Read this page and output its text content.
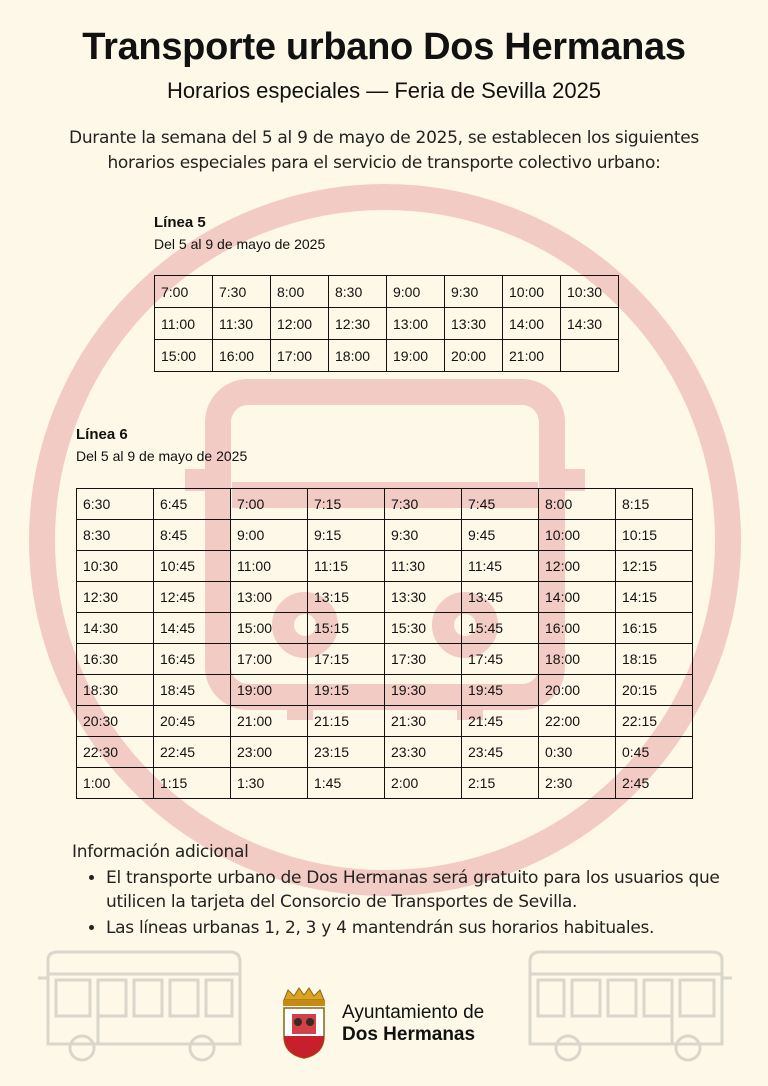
Transporte urbano Dos Hermanas
Horarios especiales — Feria de Sevilla 2025
Durante la semana del 5 al 9 de mayo de 2025, se establecen los siguientes horarios especiales para el servicio de transporte colectivo urbano:
Línea 5
Del 5 al 9 de mayo de 2025
7:00	7:30	8:00	8:30	9:00	9:30	10:00	10:30
11:00	11:30	12:00	12:30	13:00	13:30	14:00	14:30
15:00	16:00	17:00	18:00	19:00	20:00	21:00	
Línea 6
Del 5 al 9 de mayo de 2025
6:30	6:45	7:00	7:15	7:30	7:45	8:00	8:15
8:30	8:45	9:00	9:15	9:30	9:45	10:00	10:15
10:30	10:45	11:00	11:15	11:30	11:45	12:00	12:15
12:30	12:45	13:00	13:15	13:30	13:45	14:00	14:15
14:30	14:45	15:00	15:15	15:30	15:45	16:00	16:15
16:30	16:45	17:00	17:15	17:30	17:45	18:00	18:15
18:30	18:45	19:00	19:15	19:30	19:45	20:00	20:15
20:30	20:45	21:00	21:15	21:30	21:45	22:00	22:15
22:30	22:45	23:00	23:15	23:30	23:45	0:30	0:45
1:00	1:15	1:30	1:45	2:00	2:15	2:30	2:45
Información adicional
• El transporte urbano de Dos Hermanas será gratuito para los usuarios que utilicen la tarjeta del Consorcio de Transportes de Sevilla.
• Las líneas urbanas 1, 2, 3 y 4 mantendrán sus horarios habituales.
Ayuntamiento de
Dos Hermanas
